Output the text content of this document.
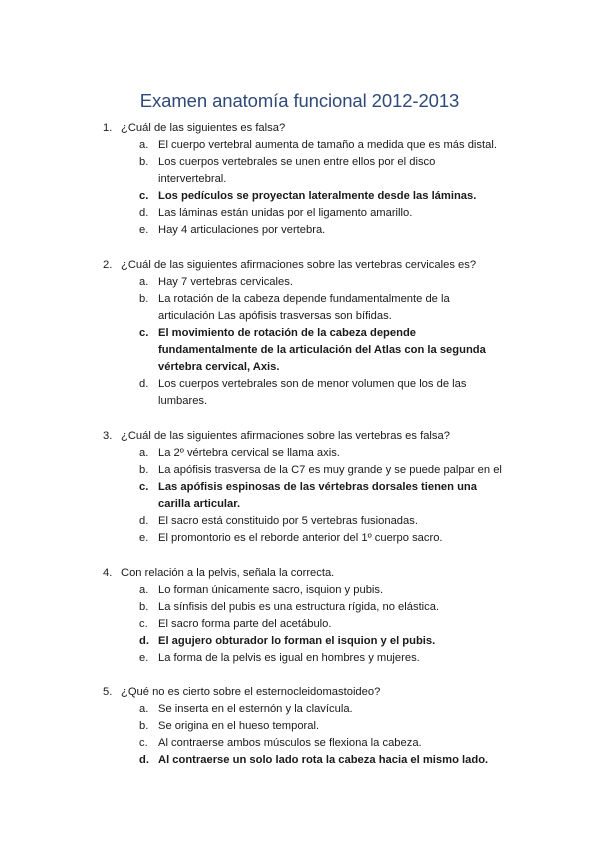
Examen anatomía funcional 2012-2013
1. ¿Cuál de las siguientes es falsa?
a. El cuerpo vertebral aumenta de tamaño a medida que es más distal.
b. Los cuerpos vertebrales se unen entre ellos por el disco intervertebral.
c. Los pedículos se proyectan lateralmente desde las láminas.
d. Las láminas están unidas por el ligamento amarillo.
e. Hay 4 articulaciones por vertebra.
2. ¿Cuál de las siguientes afirmaciones sobre las vertebras cervicales es?
a. Hay 7 vertebras cervicales.
b. La rotación de la cabeza depende fundamentalmente de la articulación Las apófisis trasversas son bífidas.
c. El movimiento de rotación de la cabeza depende fundamentalmente de la articulación del Atlas con la segunda vértebra cervical, Axis.
d. Los cuerpos vertebrales son de menor volumen que los de las lumbares.
3. ¿Cuál de las siguientes afirmaciones sobre las vertebras es falsa?
a. La 2º vértebra cervical se llama axis.
b. La apófisis trasversa de la C7 es muy grande y se puede palpar en el
c. Las apófisis espinosas de las vértebras dorsales tienen una carilla articular.
d. El sacro está constituido por 5 vertebras fusionadas.
e. El promontorio es el reborde anterior del 1º cuerpo sacro.
4. Con relación a la pelvis, señala la correcta.
a. Lo forman únicamente sacro, isquion y pubis.
b. La sínfisis del pubis es una estructura rígida, no elástica.
c. El sacro forma parte del acetábulo.
d. El agujero obturador lo forman el isquion y el pubis.
e. La forma de la pelvis es igual en hombres y mujeres.
5. ¿Qué no es cierto sobre el esternocleidomastoideo?
a. Se inserta en el esternón y la clavícula.
b. Se origina en el hueso temporal.
c. Al contraerse ambos músculos se flexiona la cabeza.
d. Al contraerse un solo lado rota la cabeza hacia el mismo lado.
